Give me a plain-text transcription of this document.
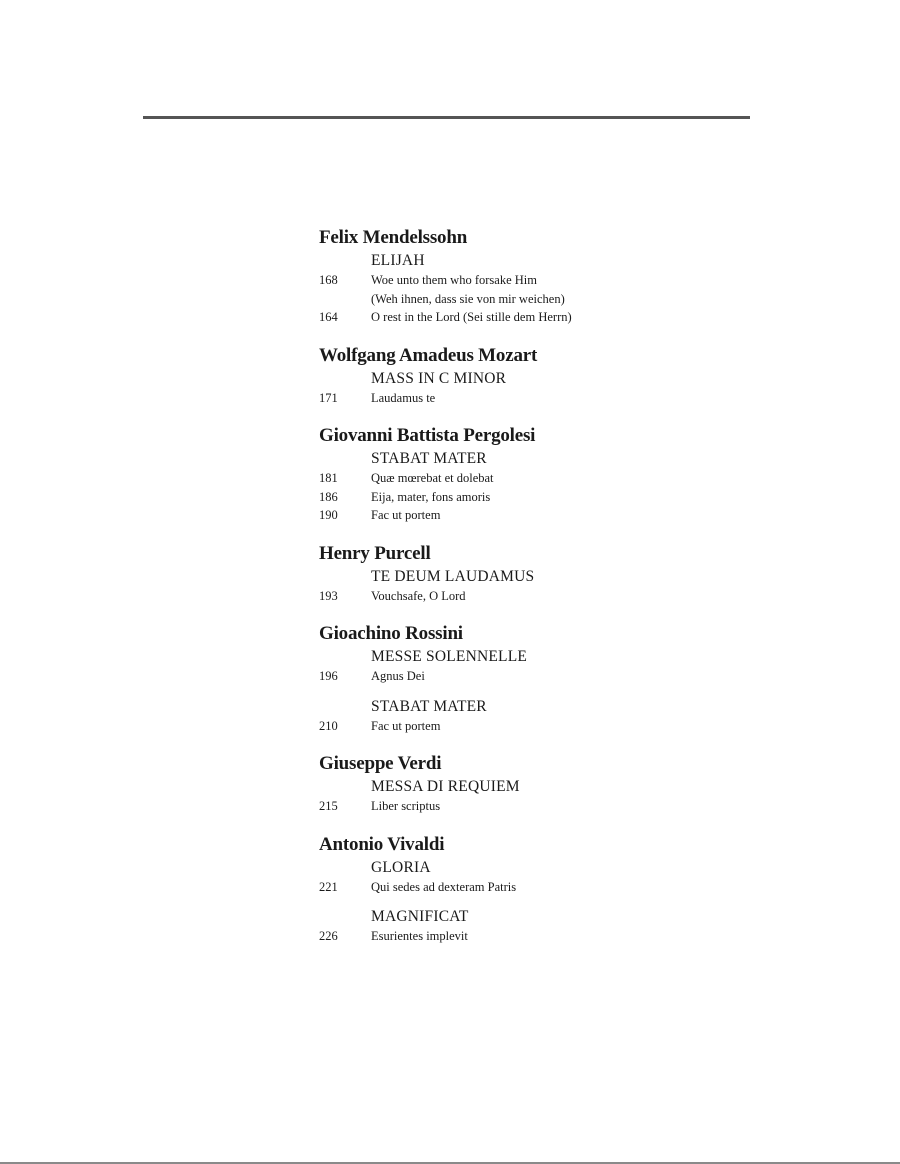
Felix Mendelssohn

ELIJAH
168	Woe unto them who forsake Him
(Weh ihnen, dass sie von mir weichen)
164	O rest in the Lord (Sei stille dem Herrn)

Wolfgang Amadeus Mozart

MASS IN C MINOR
171	Laudamus te

Giovanni Battista Pergolesi

STABAT MATER
181	Quæ mœrebat et dolebat
186	Eija, mater, fons amoris
190	Fac ut portem

Henry Purcell

TE DEUM LAUDAMUS
193	Vouchsafe, O Lord

Gioachino Rossini

MESSE SOLENNELLE
196	Agnus Dei
STABAT MATER
210	Fac ut portem

Giuseppe Verdi

MESSA DI REQUIEM
215	Liber scriptus

Antonio Vivaldi

GLORIA
221	Qui sedes ad dexteram Patris
MAGNIFICAT
226	Esurientes implevit
